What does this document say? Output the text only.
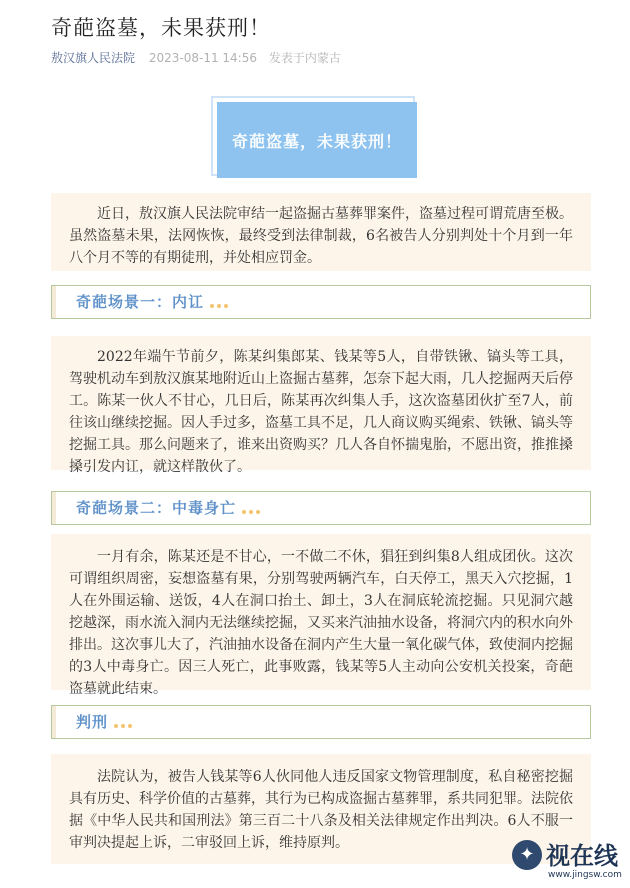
奇葩盗墓，未果获刑！
敖汉旗人民法院 2023-08-11 14:56 发表于内蒙古
奇葩盗墓，未果获刑！
近日，敖汉旗人民法院审结一起盗掘古墓葬罪案件，盗墓过程可谓荒唐至极。虽然盗墓未果，法网恢恢，最终受到法律制裁，6名被告人分别判处十个月到一年八个月不等的有期徒刑，并处相应罚金。
奇葩场景一：内讧
2022年端午节前夕，陈某纠集郎某、钱某等5人，自带铁锹、镐头等工具，驾驶机动车到敖汉旗某地附近山上盗掘古墓葬，怎奈下起大雨，几人挖掘两天后停工。陈某一伙人不甘心，几日后，陈某再次纠集人手，这次盗墓团伙扩至7人，前往该山继续挖掘。因人手过多，盗墓工具不足，几人商议购买绳索、铁锹、镐头等挖掘工具。那么问题来了，谁来出资购买？几人各自怀揣鬼胎，不愿出资，推推搡搡引发内讧，就这样散伙了。
奇葩场景二：中毒身亡
一月有余，陈某还是不甘心，一不做二不休，猖狂到纠集8人组成团伙。这次可谓组织周密，妄想盗墓有果，分别驾驶两辆汽车，白天停工，黑天入穴挖掘，1人在外围运输、送饭，4人在洞口抬土、卸土，3人在洞底轮流挖掘。只见洞穴越挖越深，雨水流入洞内无法继续挖掘，又买来汽油抽水设备，将洞穴内的积水向外排出。这次事儿大了，汽油抽水设备在洞内产生大量一氧化碳气体，致使洞内挖掘的3人中毒身亡。因三人死亡，此事败露，钱某等5人主动向公安机关投案，奇葩盗墓就此结束。
判刑
法院认为，被告人钱某等6人伙同他人违反国家文物管理制度，私自秘密挖掘具有历史、科学价值的古墓葬，其行为已构成盗掘古墓葬罪，系共同犯罪。法院依据《中华人民共和国刑法》第三百二十八条及相关法律规定作出判决。6人不服一审判决提起上诉，二审驳回上诉，维持原判。
✦ 视在线
www.jingsw.com
